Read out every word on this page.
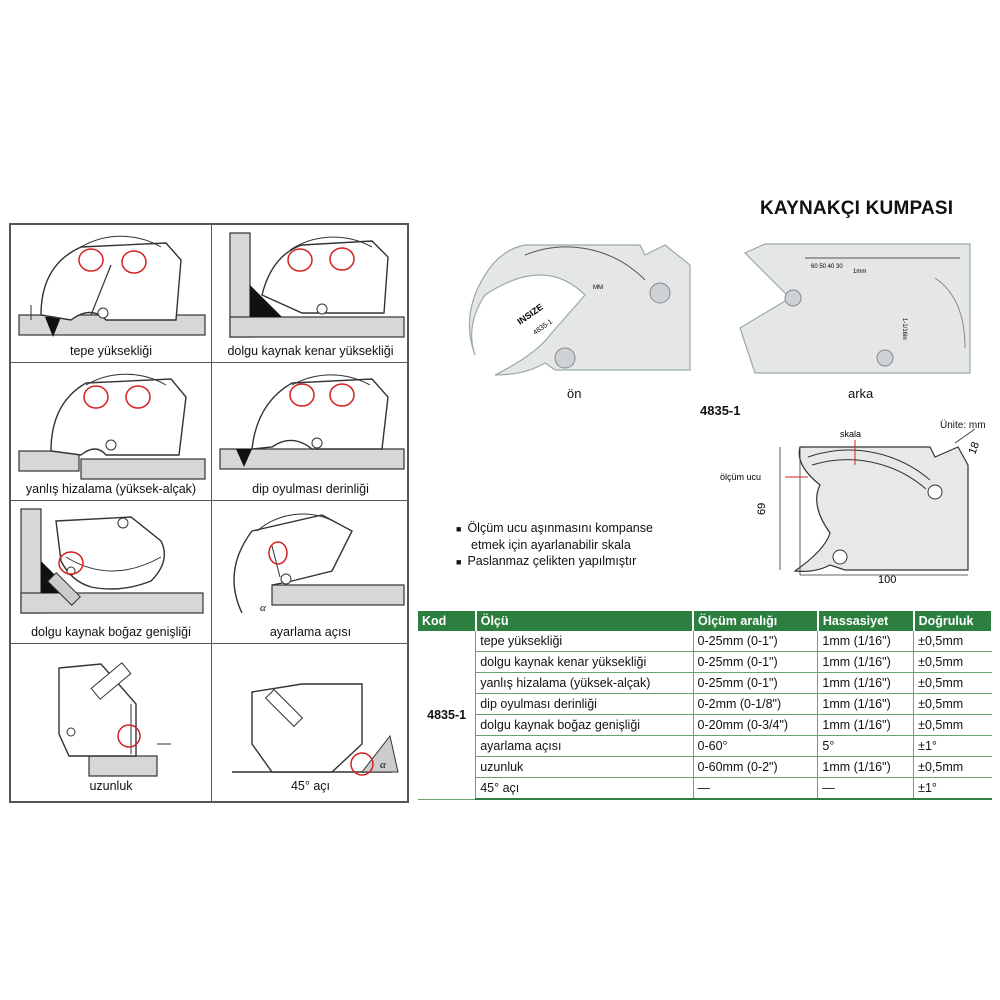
tepe yüksekliği	dolgu kaynak kenar yüksekliği
yanlış hizalama (yüksek-alçak)	dip oyulması derinliği
dolgu kaynak boğaz genişliği
α
ayarlama açısı
uzunluk
α
45° açı
KAYNAKÇI KUMPASI
INSIZE
4835-1
MM
60 50 40 30
1mm
1-1/16in
ön	arka
4835-1
Ünite: mm
69
100
18
skala
ölçüm ucu
■ Ölçüm ucu aşınmasını kompanse
etmek için ayarlanabilir skala
■ Paslanmaz çelikten yapılmıştır
Kod	Ölçü	Ölçüm aralığı	Hassasiyet	Doğruluk
4835-1	tepe yüksekliği	0-25mm (0-1")	1mm (1/16")	±0,5mm
	dolgu kaynak kenar yüksekliği	0-25mm (0-1")	1mm (1/16")	±0,5mm
	yanlış hizalama (yüksek-alçak)	0-25mm (0-1")	1mm (1/16")	±0,5mm
	dip oyulması derinliği	0-2mm (0-1/8")	1mm (1/16")	±0,5mm
	dolgu kaynak boğaz genişliği	0-20mm (0-3/4")	1mm (1/16")	±0,5mm
	ayarlama açısı	0-60°	5°	±1°
	uzunluk	0-60mm (0-2")	1mm (1/16")	±0,5mm
	45° açı	—	—	±1°
